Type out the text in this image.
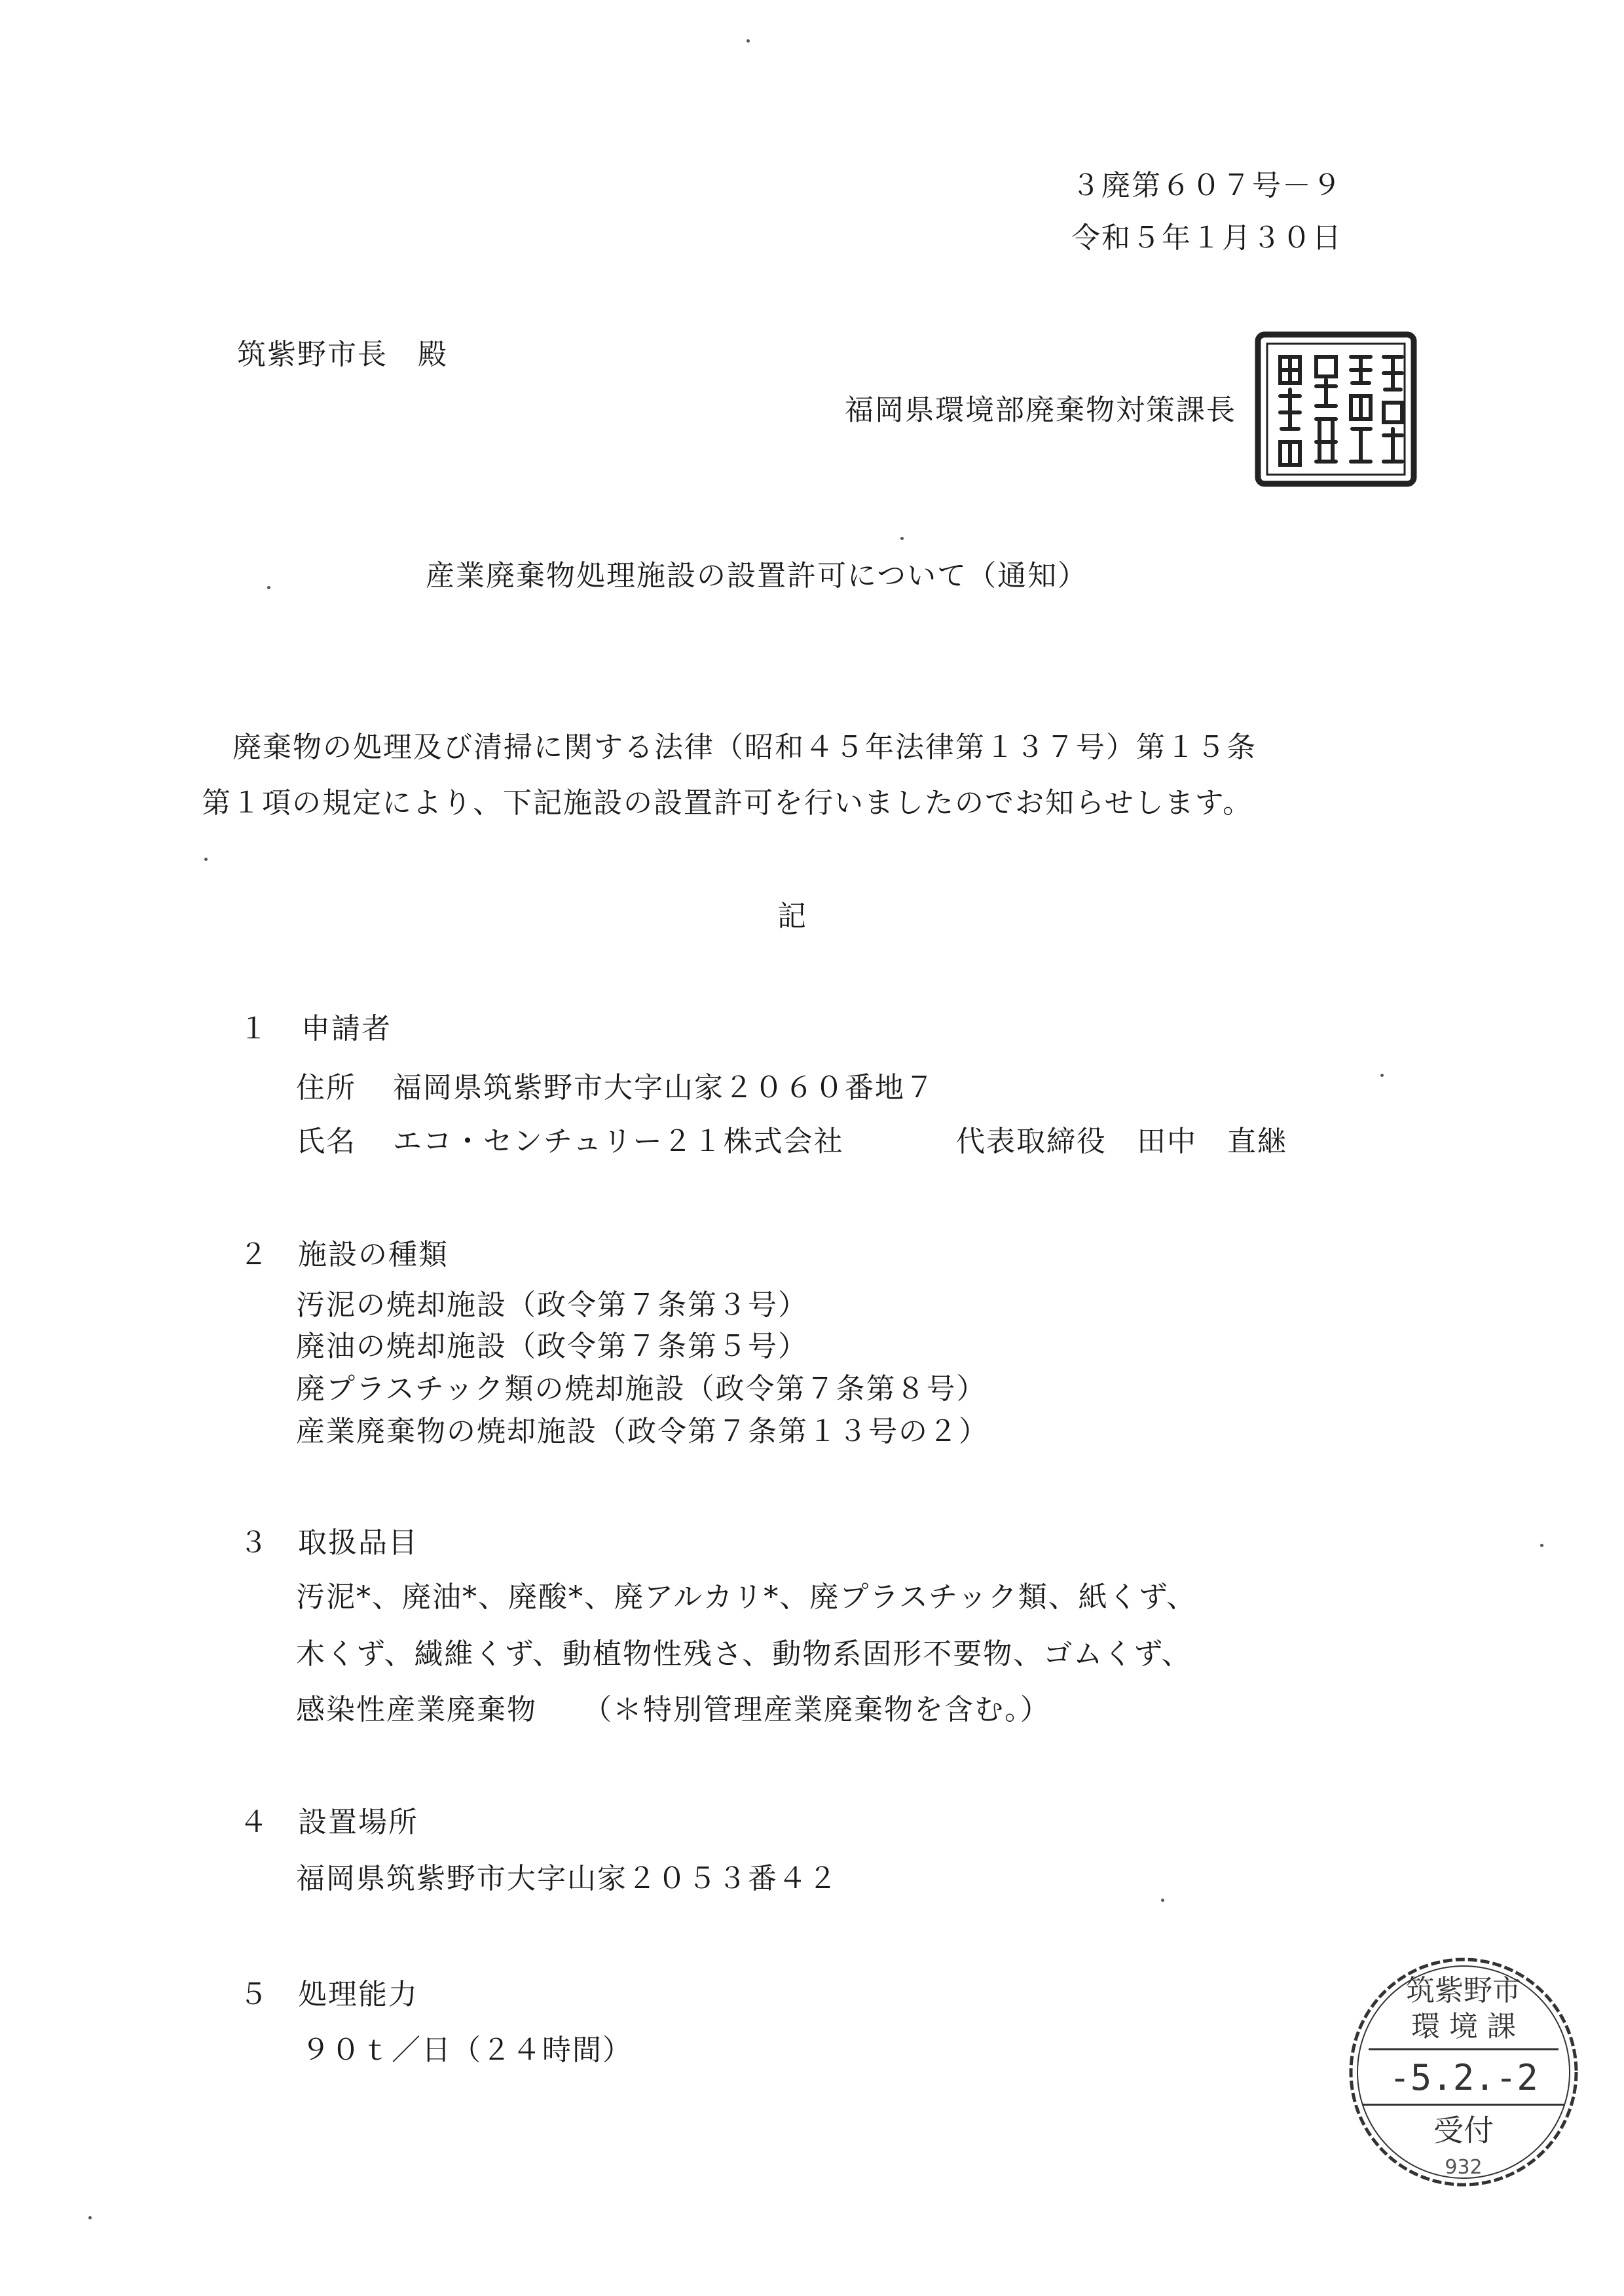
３廃第６０７号－９
令和５年１月３０日
筑紫野市長　殿
福岡県環境部廃棄物対策課長
産業廃棄物処理施設の設置許可について（通知）
廃棄物の処理及び清掃に関する法律（昭和４５年法律第１３７号）第１５条
第１項の規定により、下記施設の設置許可を行いましたのでお知らせします。
記
１ 申請者
住所 福岡県筑紫野市大字山家２０６０番地７
氏名 エコ・センチュリー２１株式会社	代表取締役　田中　直継
２ 施設の種類
汚泥の焼却施設（政令第７条第３号）
廃油の焼却施設（政令第７条第５号）
廃プラスチック類の焼却施設（政令第７条第８号）
産業廃棄物の焼却施設（政令第７条第１３号の２）
３ 取扱品目
汚泥*、廃油*、廃酸*、廃アルカリ*、廃プラスチック類、紙くず、
木くず、繊維くず、動植物性残さ、動物系固形不要物、ゴムくず、
感染性産業廃棄物　　（＊特別管理産業廃棄物を含む。）
４ 設置場所
福岡県筑紫野市大字山家２０５３番４２
５ 処理能力
９０ｔ／日（２４時間）
筑紫野市
環 境 課
-5.2.-2
受付
932
